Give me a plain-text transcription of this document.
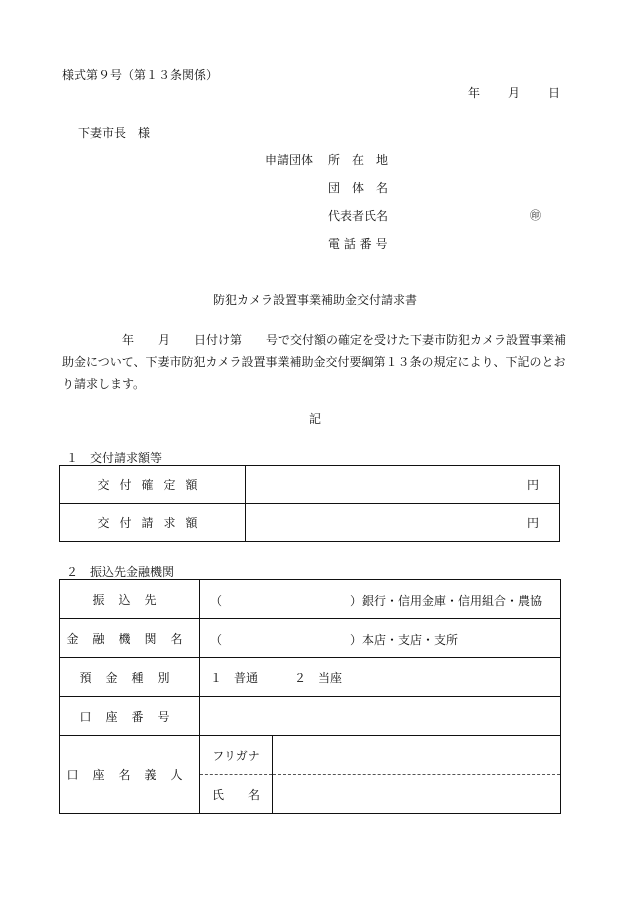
様式第９号（第１３条関係）
年 月 日
下妻市長　様
申請団体 所　在　地
団　体　名
代表者氏名	㊞
電 話 番 号
防犯カメラ設置事業補助金交付請求書
　　　　　年　　月　　日付け第　　号で交付額の確定を受けた下妻市防犯カメラ設置事業補助金について、下妻市防犯カメラ設置事業補助金交付要綱第１３条の規定により、下記のとおり請求します。
記
１　交付請求額等
交付確定額	円
交付請求額	円
２　振込先金融機関
振込先	（ ）銀行・信用金庫・信用組合・農協	

金融機関名	（ ）本店・支店・支所	

預金種別	１　普通　　　２　当座	
口座番号		
口座名義人	フリガナ	
	氏　　名	
